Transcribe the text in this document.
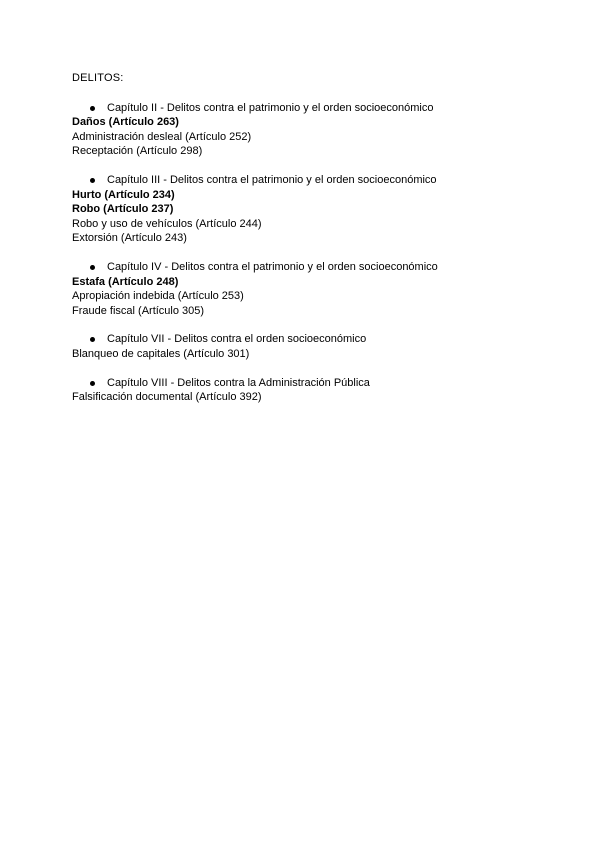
DELITOS:
Capítulo II - Delitos contra el patrimonio y el orden socioeconómico
Daños (Artículo 263)
Administración desleal (Artículo 252)
Receptación (Artículo 298)
Capítulo III - Delitos contra el patrimonio y el orden socioeconómico
Hurto (Artículo 234)
Robo (Artículo 237)
Robo y uso de vehículos (Artículo 244)
Extorsión (Artículo 243)
Capítulo IV - Delitos contra el patrimonio y el orden socioeconómico
Estafa (Artículo 248)
Apropiación indebida (Artículo 253)
Fraude fiscal (Artículo 305)
Capítulo VII - Delitos contra el orden socioeconómico
Blanqueo de capitales (Artículo 301)
Capítulo VIII - Delitos contra la Administración Pública
Falsificación documental (Artículo 392)
